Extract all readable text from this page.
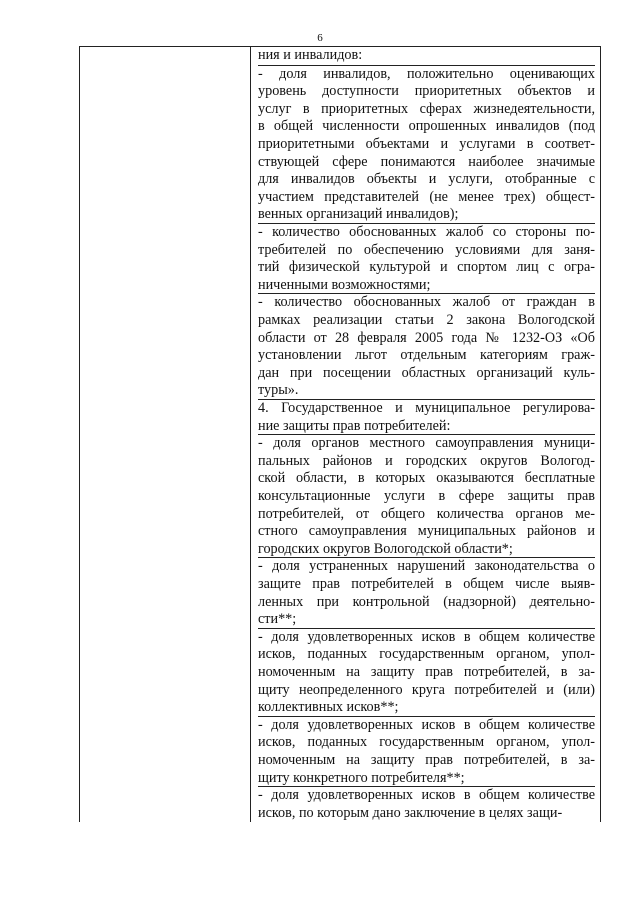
6
ния и инвалидов:
- доля инвалидов, положительно оценивающих
уровень доступности приоритетных объектов и
услуг в приоритетных сферах жизнедеятельности,
в общей численности опрошенных инвалидов (под
приоритетными объектами и услугами в соответ-
ствующей сфере понимаются наиболее значимые
для инвалидов объекты и услуги, отобранные с
участием представителей (не менее трех) общест-
венных организаций инвалидов);
- количество обоснованных жалоб со стороны по-
требителей по обеспечению условиями для заня-
тий физической культурой и спортом лиц с огра-
ниченными возможностями;
- количество обоснованных жалоб от граждан в
рамках реализации статьи 2 закона Вологодской
области от 28 февраля 2005 года № 1232-ОЗ «Об
установлении льгот отдельным категориям граж-
дан при посещении областных организаций куль-
туры».
4. Государственное и муниципальное регулирова-
ние защиты прав потребителей:
- доля органов местного самоуправления муници-
пальных районов и городских округов Вологод-
ской области, в которых оказываются бесплатные
консультационные услуги в сфере защиты прав
потребителей, от общего количества органов ме-
стного самоуправления муниципальных районов и
городских округов Вологодской области*;
- доля устраненных нарушений законодательства о
защите прав потребителей в общем числе выяв-
ленных при контрольной (надзорной) деятельно-
сти**;
- доля удовлетворенных исков в общем количестве
исков, поданных государственным органом, упол-
номоченным на защиту прав потребителей, в за-
щиту неопределенного круга потребителей и (или)
коллективных исков**;
- доля удовлетворенных исков в общем количестве
исков, поданных государственным органом, упол-
номоченным на защиту прав потребителей, в за-
щиту конкретного потребителя**;
- доля удовлетворенных исков в общем количестве
исков, по которым дано заключение в целях защи-
